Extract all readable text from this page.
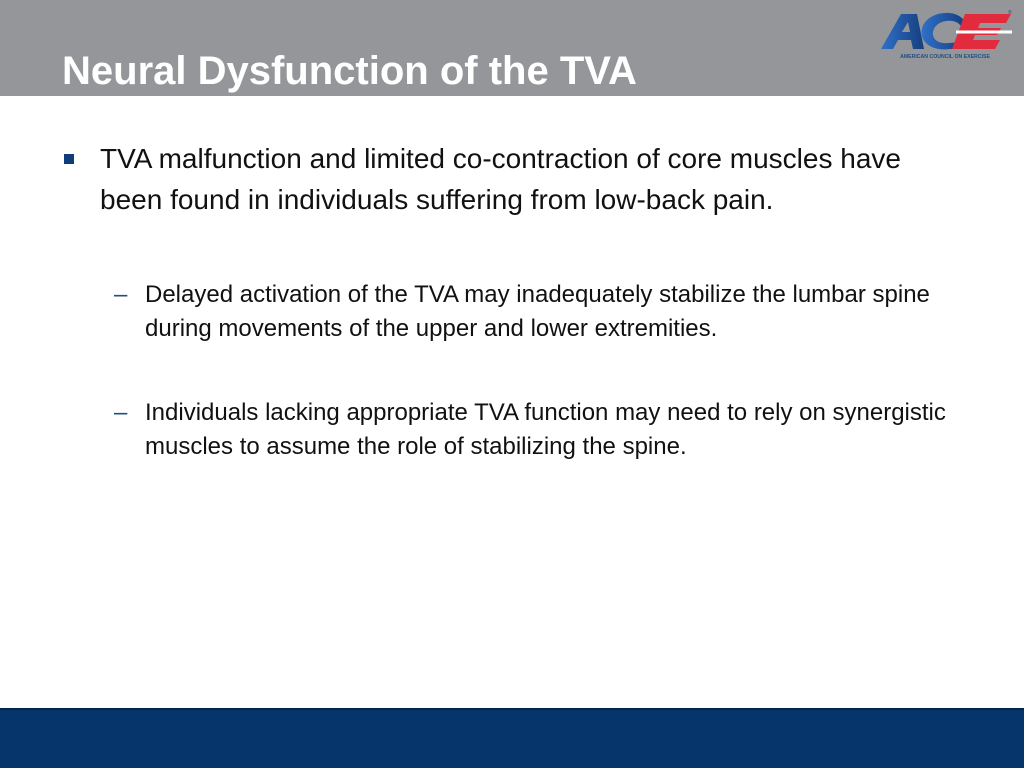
Neural Dysfunction of the TVA	AMERICAN COUNCIL ON EXERCISE
®
TVA malfunction and limited co-contraction of core muscles have been found in individuals suffering from low-back pain.
– Delayed activation of the TVA may inadequately stabilize the lumbar spine during movements of the upper and lower extremities.
– Individuals lacking appropriate TVA function may need to rely on synergistic muscles to assume the role of stabilizing the spine.
